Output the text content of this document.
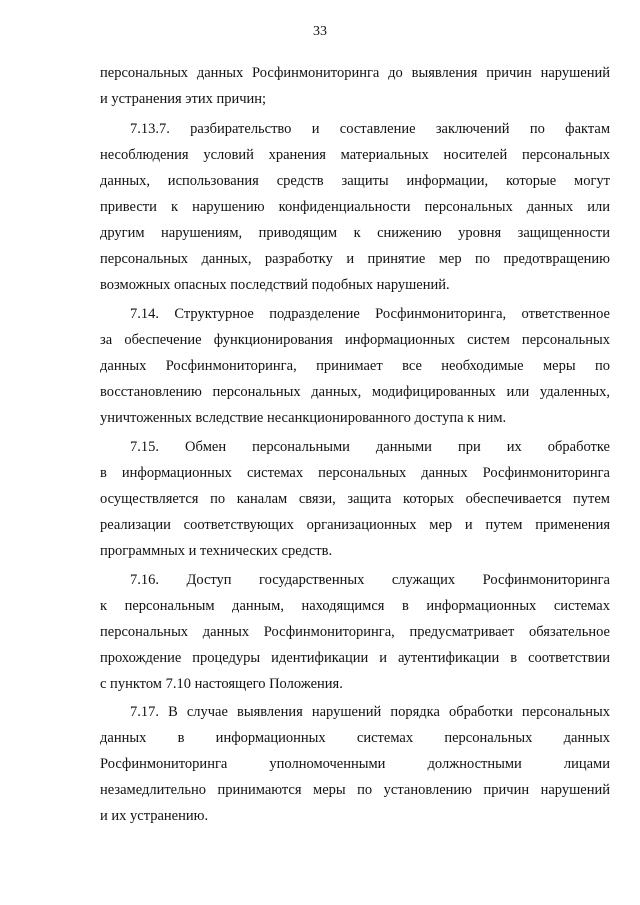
33
персональных данных Росфинмониторинга до выявления причин нарушений
и устранения этих причин;
7.13.7. разбирательство и составление заключений по фактам
несоблюдения условий хранения материальных носителей персональных
данных, использования средств защиты информации, которые могут
привести к нарушению конфиденциальности персональных данных или
другим нарушениям, приводящим к снижению уровня защищенности
персональных данных, разработку и принятие мер по предотвращению
возможных опасных последствий подобных нарушений.
7.14. Структурное подразделение Росфинмониторинга, ответственное
за обеспечение функционирования информационных систем персональных
данных Росфинмониторинга, принимает все необходимые меры по
восстановлению персональных данных, модифицированных или удаленных,
уничтоженных вследствие несанкционированного доступа к ним.
7.15. Обмен персональными данными при их обработке
в информационных системах персональных данных Росфинмониторинга
осуществляется по каналам связи, защита которых обеспечивается путем
реализации соответствующих организационных мер и путем применения
программных и технических средств.
7.16. Доступ государственных служащих Росфинмониторинга
к персональным данным, находящимся в информационных системах
персональных данных Росфинмониторинга, предусматривает обязательное
прохождение процедуры идентификации и аутентификации в соответствии
с пунктом 7.10 настоящего Положения.
7.17. В случае выявления нарушений порядка обработки персональных
данных в информационных системах персональных данных
Росфинмониторинга уполномоченными должностными лицами
незамедлительно принимаются меры по установлению причин нарушений
и их устранению.
